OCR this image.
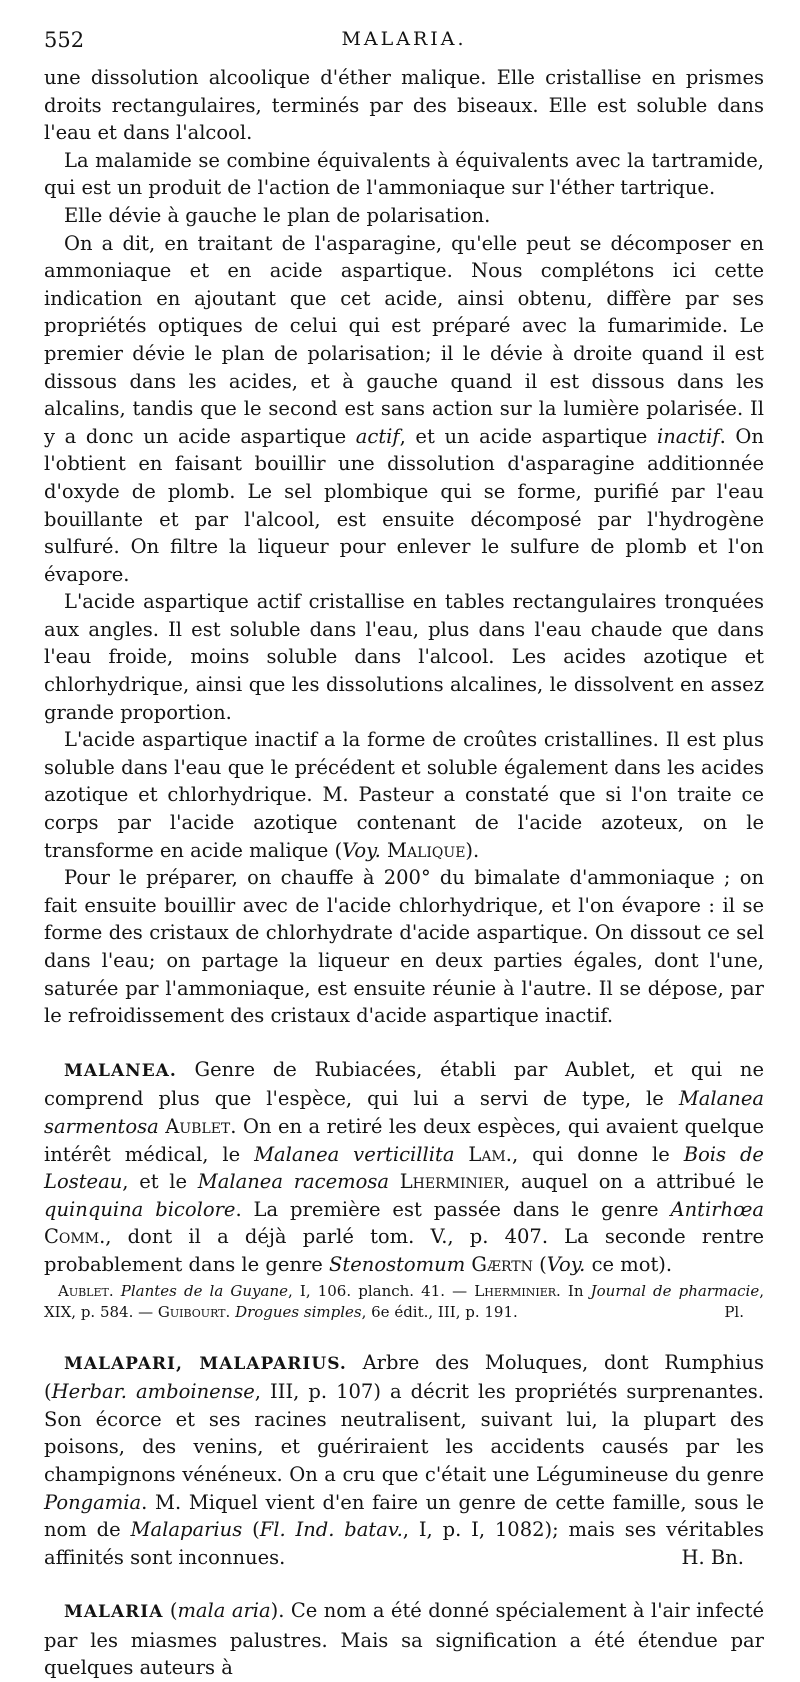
552	MALARIA.

une dissolution alcoolique d'éther malique. Elle cristallise en prismes droits rectangulaires, terminés par des biseaux. Elle est soluble dans l'eau et dans l'alcool.

La malamide se combine équivalents à équivalents avec la tartramide, qui est un produit de l'action de l'ammoniaque sur l'éther tartrique.

Elle dévie à gauche le plan de polarisation.

On a dit, en traitant de l'asparagine, qu'elle peut se décomposer en ammoniaque et en acide aspartique. Nous complétons ici cette indication en ajoutant que cet acide, ainsi obtenu, diffère par ses propriétés optiques de celui qui est préparé avec la fumarimide. Le premier dévie le plan de polarisation; il le dévie à droite quand il est dissous dans les acides, et à gauche quand il est dissous dans les alcalins, tandis que le second est sans action sur la lumière polarisée. Il y a donc un acide aspartique actif, et un acide aspartique inactif. On l'obtient en faisant bouillir une dissolution d'asparagine additionnée d'oxyde de plomb. Le sel plombique qui se forme, purifié par l'eau bouillante et par l'alcool, est ensuite décomposé par l'hydrogène sulfuré. On filtre la liqueur pour enlever le sulfure de plomb et l'on évapore.

L'acide aspartique actif cristallise en tables rectangulaires tronquées aux angles. Il est soluble dans l'eau, plus dans l'eau chaude que dans l'eau froide, moins soluble dans l'alcool. Les acides azotique et chlorhydrique, ainsi que les dissolutions alcalines, le dissolvent en assez grande proportion.

L'acide aspartique inactif a la forme de croûtes cristallines. Il est plus soluble dans l'eau que le précédent et soluble également dans les acides azotique et chlorhydrique. M. Pasteur a constaté que si l'on traite ce corps par l'acide azotique contenant de l'acide azoteux, on le transforme en acide malique (Voy. Malique).

Pour le préparer, on chauffe à 200° du bimalate d'ammoniaque ; on fait ensuite bouillir avec de l'acide chlorhydrique, et l'on évapore : il se forme des cristaux de chlorhydrate d'acide aspartique. On dissout ce sel dans l'eau; on partage la liqueur en deux parties égales, dont l'une, saturée par l'ammoniaque, est ensuite réunie à l'autre. Il se dépose, par le refroidissement des cristaux d'acide aspartique inactif.

MALANEA. Genre de Rubiacées, établi par Aublet, et qui ne comprend plus que l'espèce, qui lui a servi de type, le Malanea sarmentosa Aublet. On en a retiré les deux espèces, qui avaient quelque intérêt médical, le Malanea verticillita Lam., qui donne le Bois de Losteau, et le Malanea racemosa Lherminier, auquel on a attribué le quinquina bicolore. La première est passée dans le genre Antirhœa Comm., dont il a déjà parlé tom. V., p. 407. La seconde rentre probablement dans le genre Stenostomum Gærtn (Voy. ce mot).

Aublet. Plantes de la Guyane, I, 106. planch. 41. — Lherminier. In Journal de pharmacie, XIX, p. 584. — Guibourt. Drogues simples, 6e édit., III, p. 191.	Pl.

MALAPARI, MALAPARIUS. Arbre des Moluques, dont Rumphius (Herbar. amboinense, III, p. 107) a décrit les propriétés surprenantes. Son écorce et ses racines neutralisent, suivant lui, la plupart des poisons, des venins, et guériraient les accidents causés par les champignons vénéneux. On a cru que c'était une Légumineuse du genre Pongamia. M. Miquel vient d'en faire un genre de cette famille, sous le nom de Malaparius (Fl. Ind. batav., I, p. I, 1082); mais ses véritables affinités sont inconnues.	H. Bn.

MALARIA (mala aria). Ce nom a été donné spécialement à l'air infecté par les miasmes palustres. Mais sa signification a été étendue par quelques auteurs à
